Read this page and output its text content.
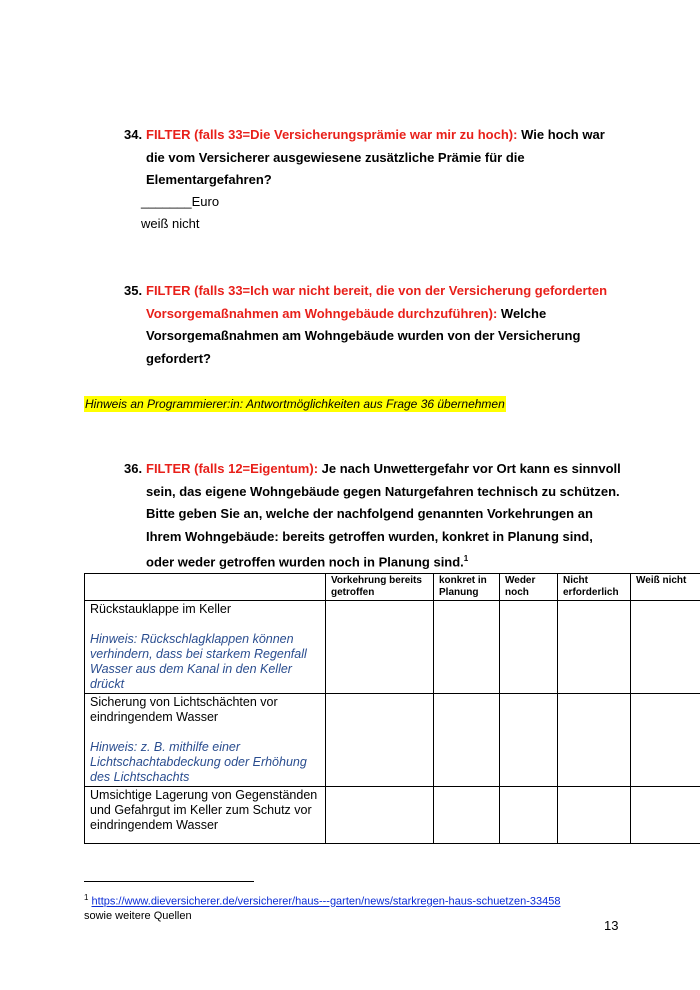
34. FILTER (falls 33=Die Versicherungsprämie war mir zu hoch): Wie hoch war die vom Versicherer ausgewiesene zusätzliche Prämie für die Elementargefahren?
_______Euro
weiß nicht
35. FILTER (falls 33=Ich war nicht bereit, die von der Versicherung geforderten Vorsorgemaßnahmen am Wohngebäude durchzuführen): Welche Vorsorgemaßnahmen am Wohngebäude wurden von der Versicherung gefordert?
Hinweis an Programmierer:in: Antwortmöglichkeiten aus Frage 36 übernehmen
36. FILTER (falls 12=Eigentum): Je nach Unwettergefahr vor Ort kann es sinnvoll sein, das eigene Wohngebäude gegen Naturgefahren technisch zu schützen. Bitte geben Sie an, welche der nachfolgend genannten Vorkehrungen an Ihrem Wohngebäude: bereits getroffen wurden, konkret in Planung sind, oder weder getroffen wurden noch in Planung sind.$^1$
	Vorkehrung bereits getroffen	konkret in Planung	Weder noch	Nicht erforderlich	Weiß nicht

Rückstauklappe im Keller
Hinweis: Rückschlagklappen können verhindern, dass bei starkem Regenfall Wasser aus dem Kanal in den Keller drückt					

Sicherung von Lichtschächten vor eindringendem Wasser
Hinweis: z. B. mithilfe einer Lichtschachtabdeckung oder Erhöhung des Lichtschachts					

Umsichtige Lagerung von Gegenständen und Gefahrgut im Keller zum Schutz vor eindringendem Wasser					

$^1$ https://www.dieversicherer.de/versicherer/haus---garten/news/starkregen-haus-schuetzen-33458
sowie weitere Quellen
13
